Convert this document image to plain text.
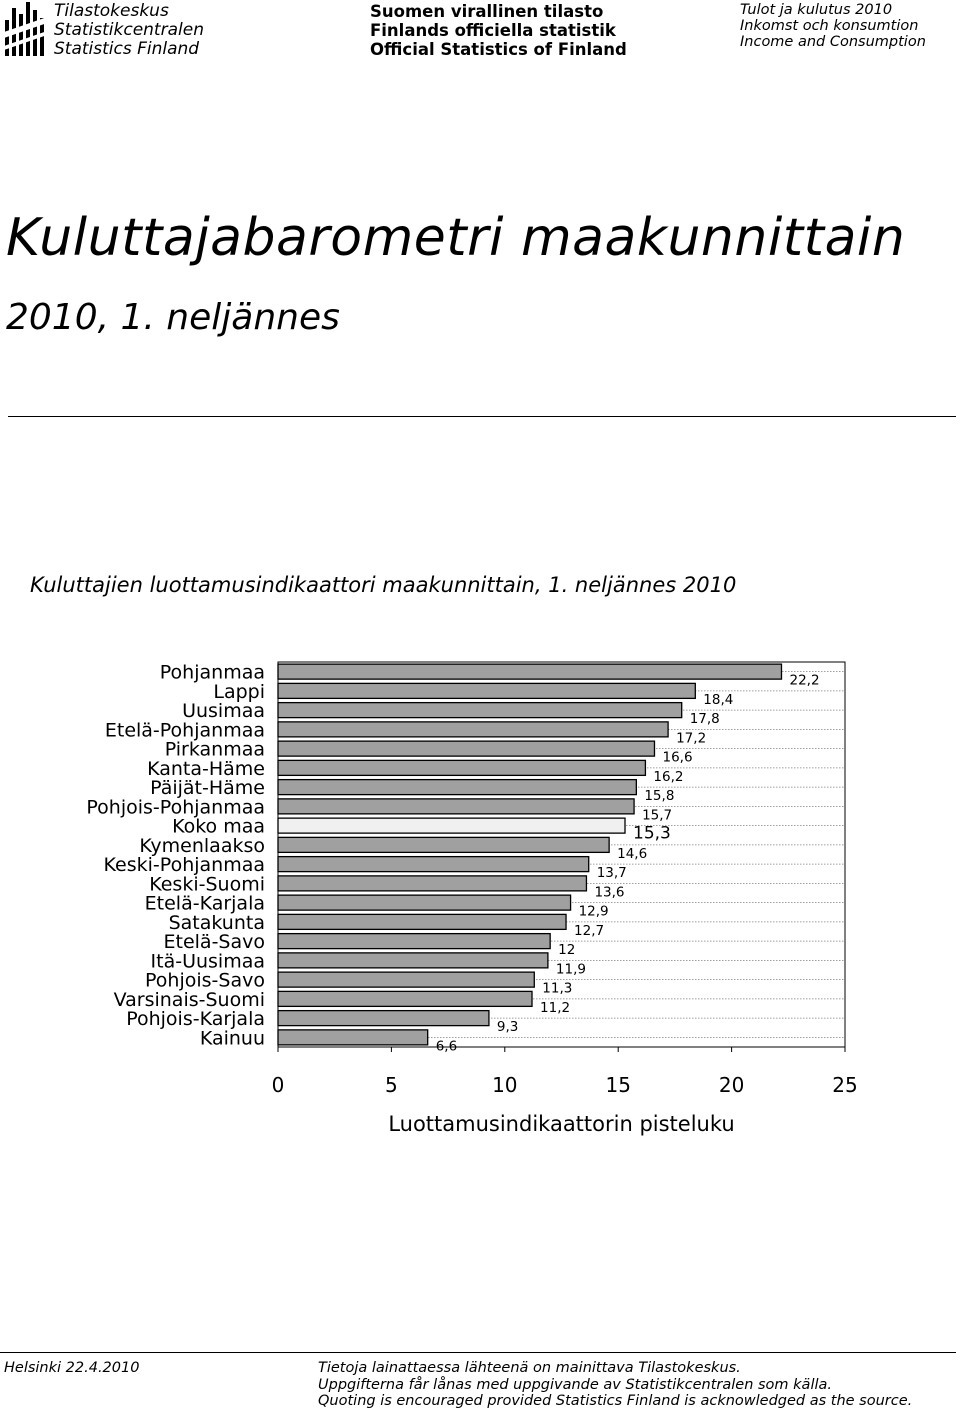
Tilastokeskus
Statistikcentralen
Statistics Finland
Suomen virallinen tilasto
Finlands officiella statistik
Official Statistics of Finland
Tulot ja kulutus 2010
Inkomst och konsumtion
Income and Consumption
Kuluttajabarometri maakunnittain
2010, 1. neljännes
Kuluttajien luottamusindikaattori maakunnittain, 1. neljännes 2010
0	5	10	15	20	25
Pohjanmaa	22,2
Lappi	18,4
Uusimaa	17,8
Etelä-Pohjanmaa	17,2
Pirkanmaa	16,6
Kanta-Häme	16,2
Päijät-Häme	15,8
Pohjois-Pohjanmaa	15,7
Koko maa	15,3
Kymenlaakso	14,6
Keski-Pohjanmaa	13,7
Keski-Suomi	13,6
Etelä-Karjala	12,9
Satakunta	12,7
Etelä-Savo	12
Itä-Uusimaa	11,9
Pohjois-Savo	11,3
Varsinais-Suomi	11,2
Pohjois-Karjala	9,3
Kainuu	6,6
Luottamusindikaattorin pisteluku
Helsinki 22.4.2010	Tietoja lainattaessa lähteenä on mainittava Tilastokeskus.
Uppgifterna får lånas med uppgivande av Statistikcentralen som källa.
Quoting is encouraged provided Statistics Finland is acknowledged as the source.
